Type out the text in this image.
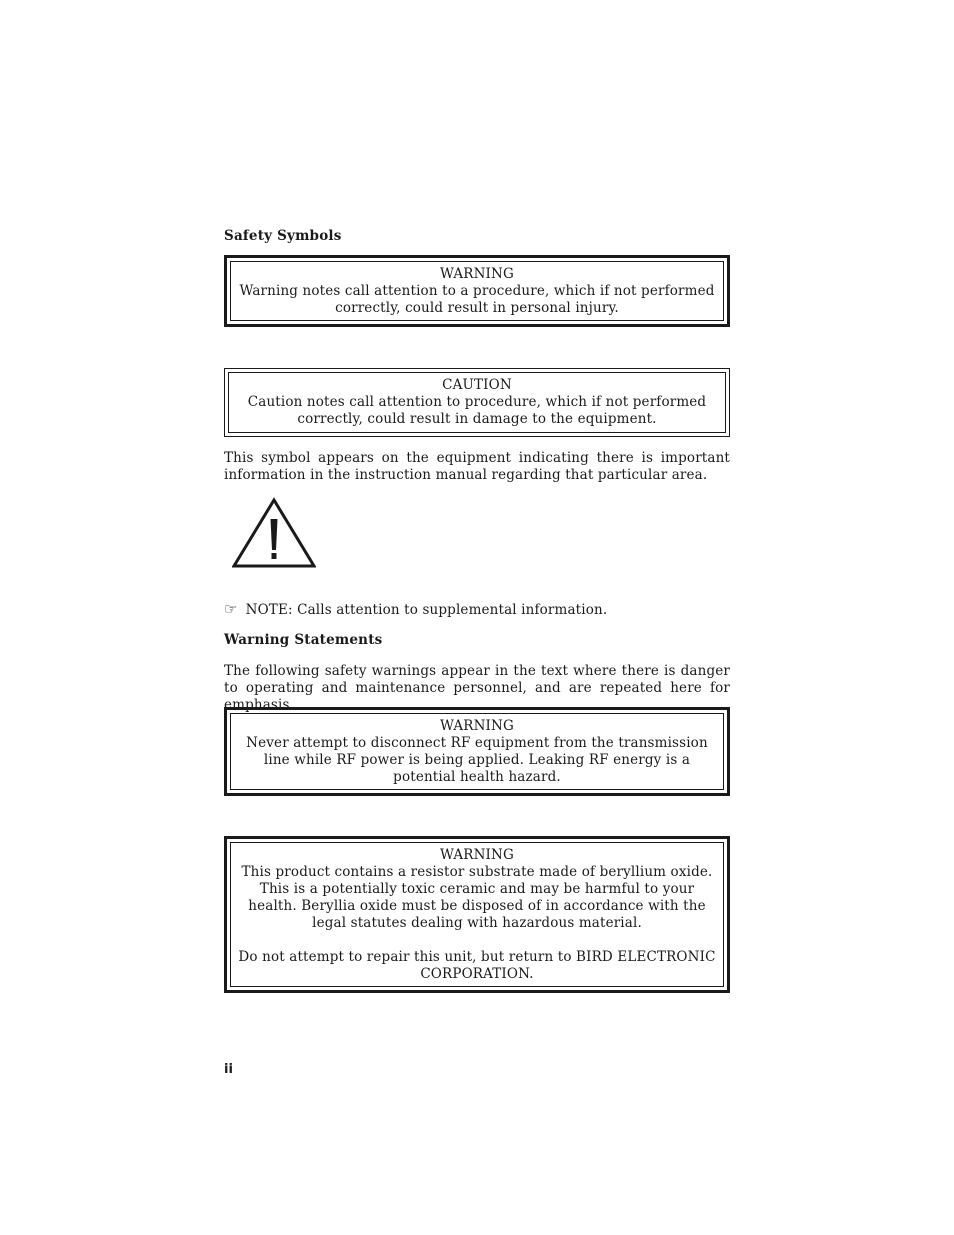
Safety Symbols
WARNING
Warning notes call attention to a procedure, which if not performed correctly, could result in personal injury.
CAUTION
Caution notes call attention to procedure, which if not performed correctly, could result in damage to the equipment.
This symbol appears on the equipment indicating there is important information in the instruction manual regarding that particular area.
☞ NOTE: Calls attention to supplemental information.
Warning Statements
The following safety warnings appear in the text where there is danger to operating and maintenance personnel, and are repeated here for emphasis.
WARNING
Never attempt to disconnect RF equipment from the transmission line while RF power is being applied. Leaking RF energy is a potential health hazard.
WARNING
This product contains a resistor substrate made of beryllium oxide. This is a potentially toxic ceramic and may be harmful to your health. Beryllia oxide must be disposed of in accordance with the legal statutes dealing with hazardous material.
Do not attempt to repair this unit, but return to BIRD ELECTRONIC CORPORATION.
ii
